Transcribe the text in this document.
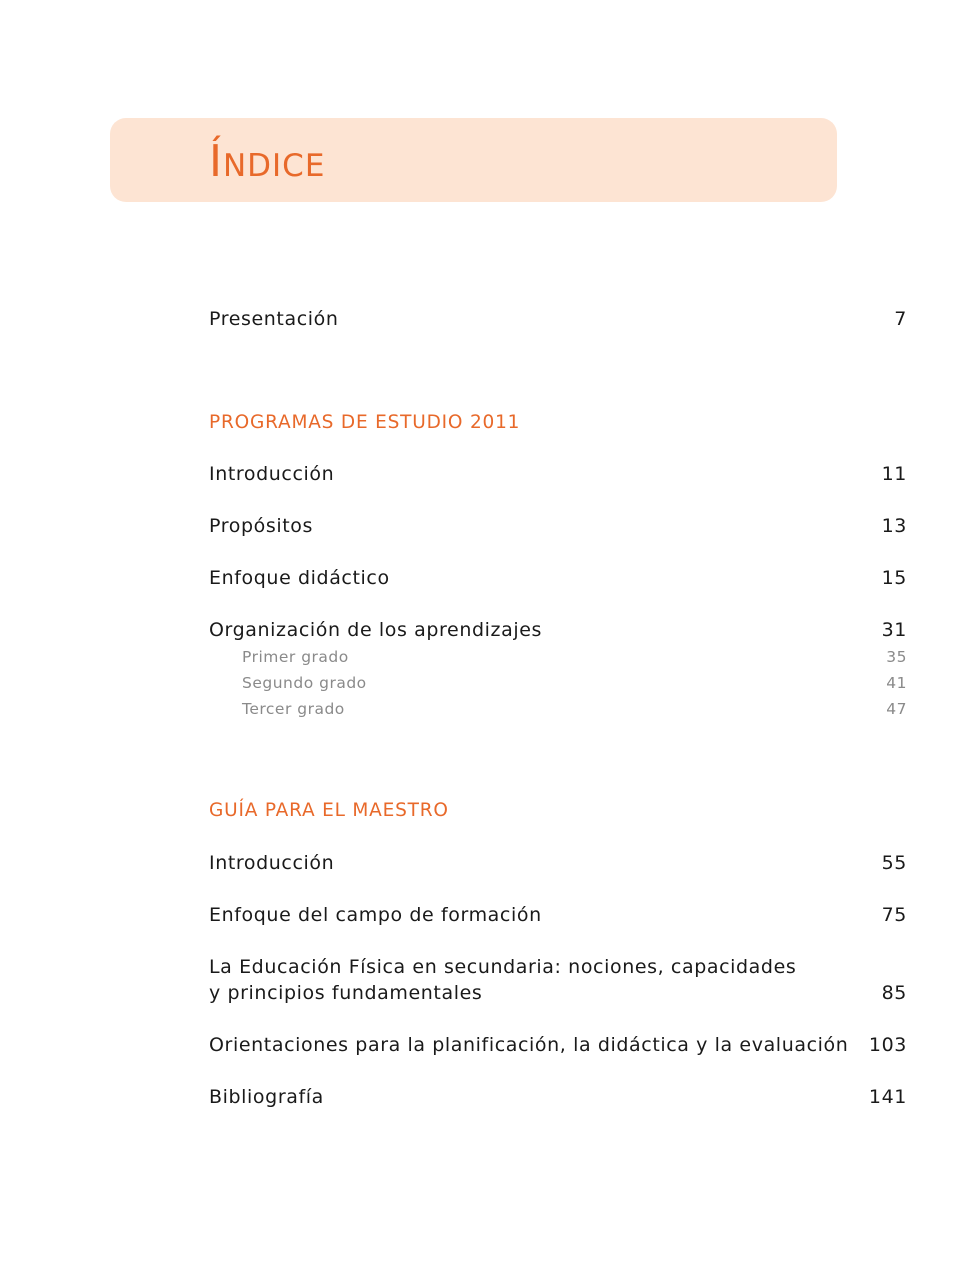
ÍNDICE
Presentación	7
PROGRAMAS DE ESTUDIO 2011
Introducción	11
Propósitos	13
Enfoque didáctico	15
Organización de los aprendizajes	31
Primer grado	35
Segundo grado	41
Tercer grado	47
GUÍA PARA EL MAESTRO
Introducción	55
Enfoque del campo de formación	75
La Educación Física en secundaria: nociones, capacidades
y principios fundamentales	85
Orientaciones para la planificación, la didáctica y la evaluación 103
Bibliografía	141
